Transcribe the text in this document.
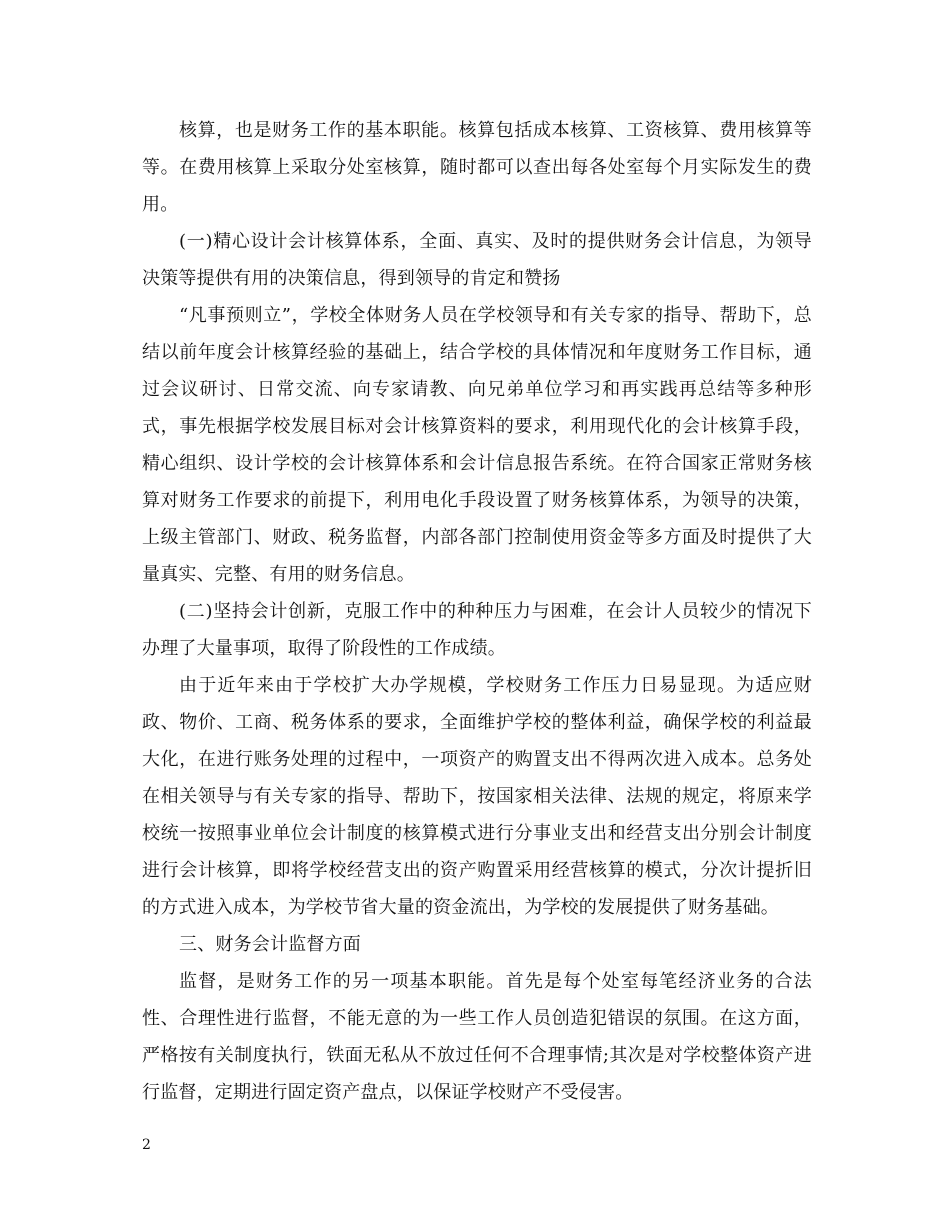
核算，也是财务工作的基本职能。核算包括成本核算、工资核算、费用核算等等。在费用核算上采取分处室核算，随时都可以查出每各处室每个月实际发生的费用。

(一)精心设计会计核算体系，全面、真实、及时的提供财务会计信息，为领导决策等提供有用的决策信息，得到领导的肯定和赞扬

“凡事预则立”，学校全体财务人员在学校领导和有关专家的指导、帮助下，总结以前年度会计核算经验的基础上，结合学校的具体情况和年度财务工作目标，通过会议研讨、日常交流、向专家请教、向兄弟单位学习和再实践再总结等多种形式，事先根据学校发展目标对会计核算资料的要求，利用现代化的会计核算手段，精心组织、设计学校的会计核算体系和会计信息报告系统。在符合国家正常财务核算对财务工作要求的前提下，利用电化手段设置了财务核算体系，为领导的决策，上级主管部门、财政、税务监督，内部各部门控制使用资金等多方面及时提供了大量真实、完整、有用的财务信息。

(二)坚持会计创新，克服工作中的种种压力与困难，在会计人员较少的情况下办理了大量事项，取得了阶段性的工作成绩。

由于近年来由于学校扩大办学规模，学校财务工作压力日易显现。为适应财政、物价、工商、税务体系的要求，全面维护学校的整体利益，确保学校的利益最大化，在进行账务处理的过程中，一项资产的购置支出不得两次进入成本。总务处在相关领导与有关专家的指导、帮助下，按国家相关法律、法规的规定，将原来学校统一按照事业单位会计制度的核算模式进行分事业支出和经营支出分别会计制度进行会计核算，即将学校经营支出的资产购置采用经营核算的模式，分次计提折旧的方式进入成本，为学校节省大量的资金流出，为学校的发展提供了财务基础。

三、财务会计监督方面

监督，是财务工作的另一项基本职能。首先是每个处室每笔经济业务的合法性、合理性进行监督，不能无意的为一些工作人员创造犯错误的氛围。在这方面，严格按有关制度执行，铁面无私从不放过任何不合理事情;其次是对学校整体资产进行监督，定期进行固定资产盘点，以保证学校财产不受侵害。

2
